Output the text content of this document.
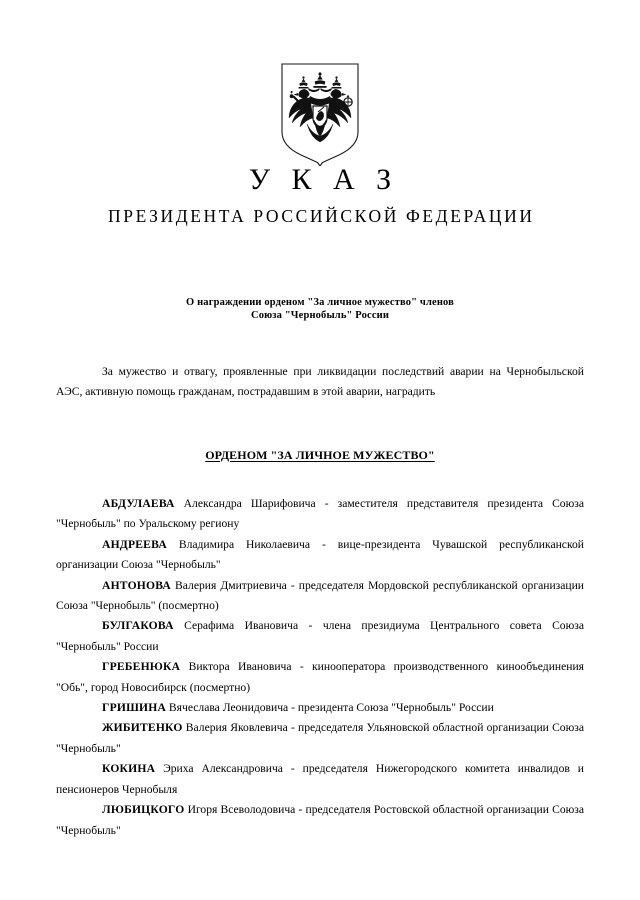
У К А З
ПРЕЗИДЕНТА РОССИЙСКОЙ ФЕДЕРАЦИИ
О награждении орденом "За личное мужество" членов
Союза "Чернобыль" России

За мужество и отвагу, проявленные при ликвидации последствий аварии на Чернобыльской АЭС, активную помощь гражданам, пострадавшим в этой аварии, наградить

ОРДЕНОМ "ЗА ЛИЧНОЕ МУЖЕСТВО"

АБДУЛАЕВА Александра Шарифовича - заместителя представителя президента Союза "Чернобыль" по Уральскому региону

АНДРЕЕВА Владимира Николаевича - вице-президента Чувашской республиканской организации Союза "Чернобыль"

АНТОНОВА Валерия Дмитриевича - председателя Мордовской республиканской организации Союза "Чернобыль" (посмертно)

БУЛГАКОВА Серафима Ивановича - члена президиума Центрального совета Союза "Чернобыль" России

ГРЕБЕНЮКА Виктора Ивановича - кинооператора производственного кинообъединения "Обь", город Новосибирск (посмертно)

ГРИШИНА Вячеслава Леонидовича - президента Союза "Чернобыль" России

ЖИБИТЕНКО Валерия Яковлевича - председателя Ульяновской областной организации Союза "Чернобыль"

КОКИНА Эриха Александровича - председателя Нижегородского комитета инвалидов и пенсионеров Чернобыля

ЛЮБИЦКОГО Игоря Всеволодовича - председателя Ростовской областной организации Союза "Чернобыль"
